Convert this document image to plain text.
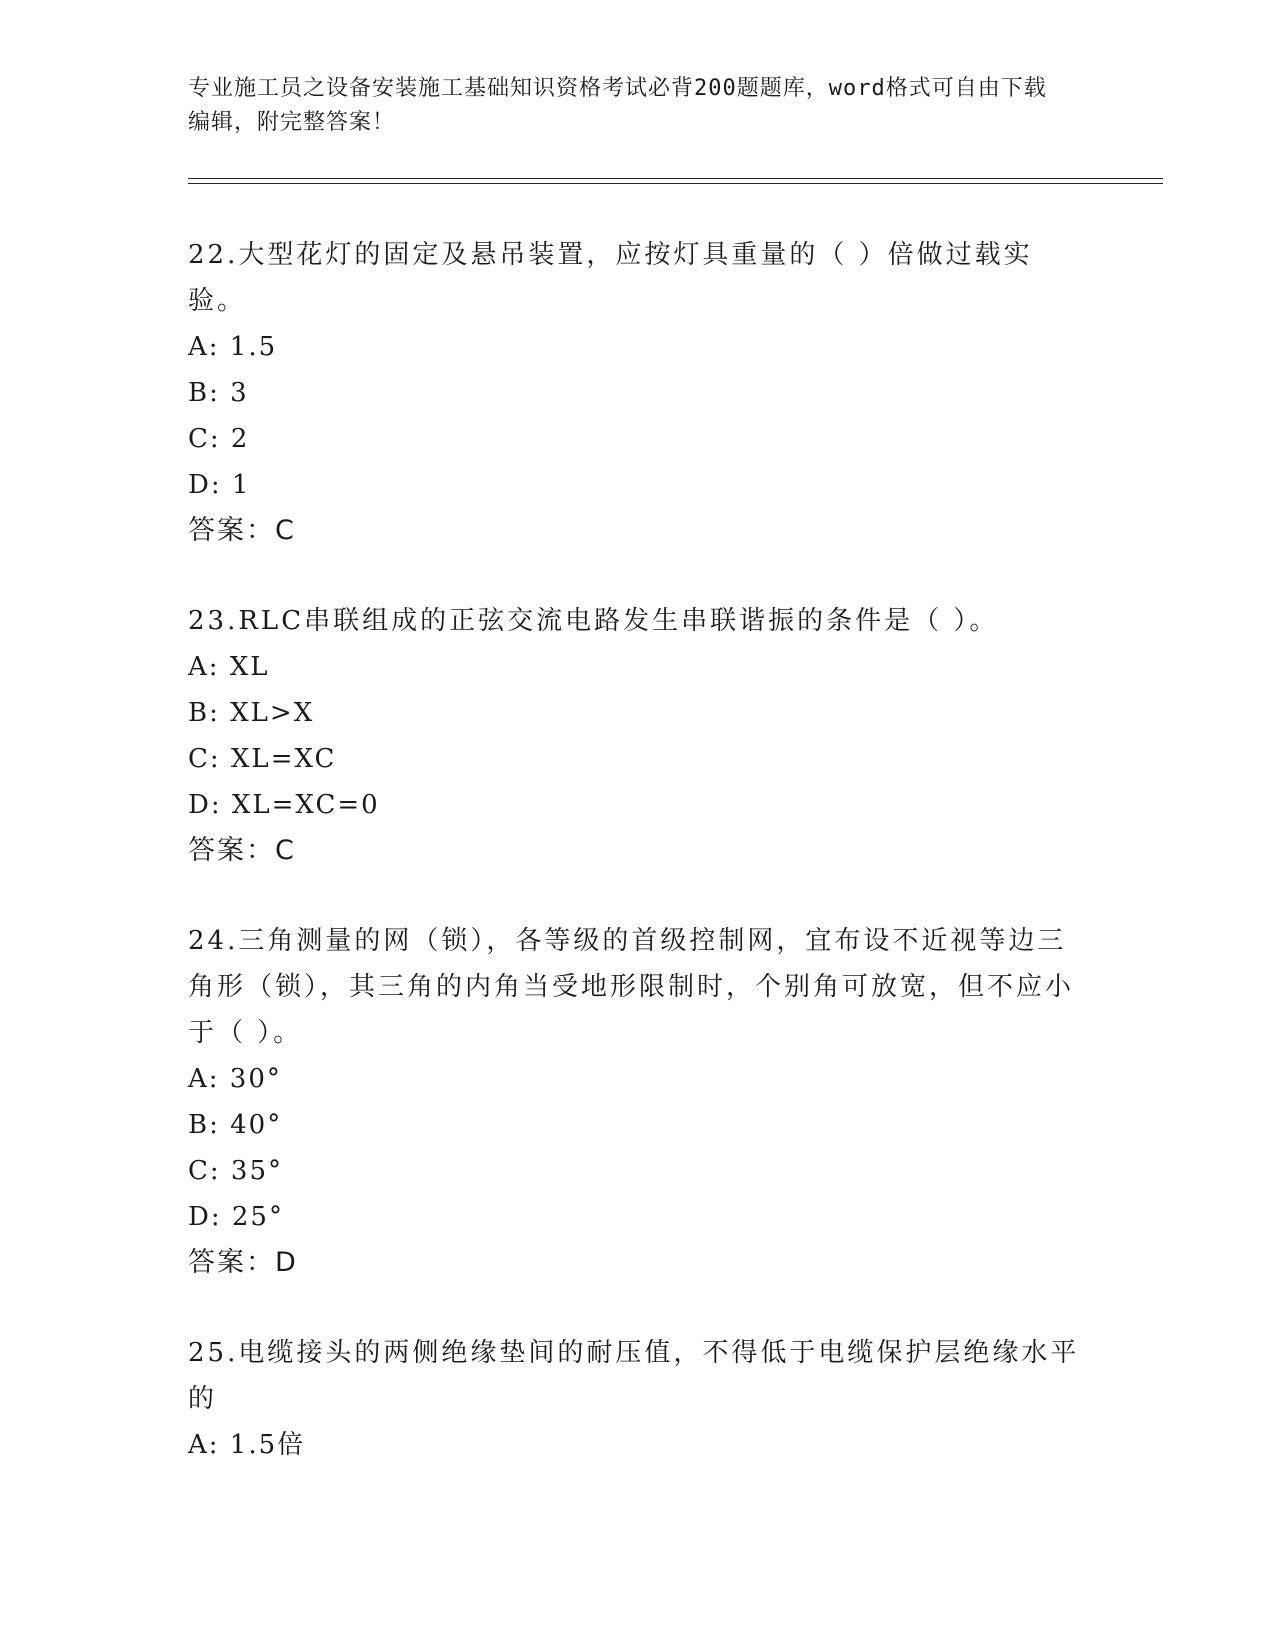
专业施工员之设备安装施工基础知识资格考试必背200题题库，word格式可自由下载编辑，附完整答案！

22.大型花灯的固定及悬吊装置，应按灯具重量的（ ）倍做过载实验。

A: 1.5

B: 3

C: 2

D: 1

答案：C

23.RLC串联组成的正弦交流电路发生串联谐振的条件是（ ）。

A: XL

B: XL>X

C: XL=XC

D: XL=XC=0

答案：C

24.三角测量的网（锁），各等级的首级控制网，宜布设不近视等边三角形（锁），其三角的内角当受地形限制时，个别角可放宽，但不应小于（ ）。

A: 30°

B: 40°

C: 35°

D: 25°

答案：D

25.电缆接头的两侧绝缘垫间的耐压值，不得低于电缆保护层绝缘水平的

A: 1.5倍
